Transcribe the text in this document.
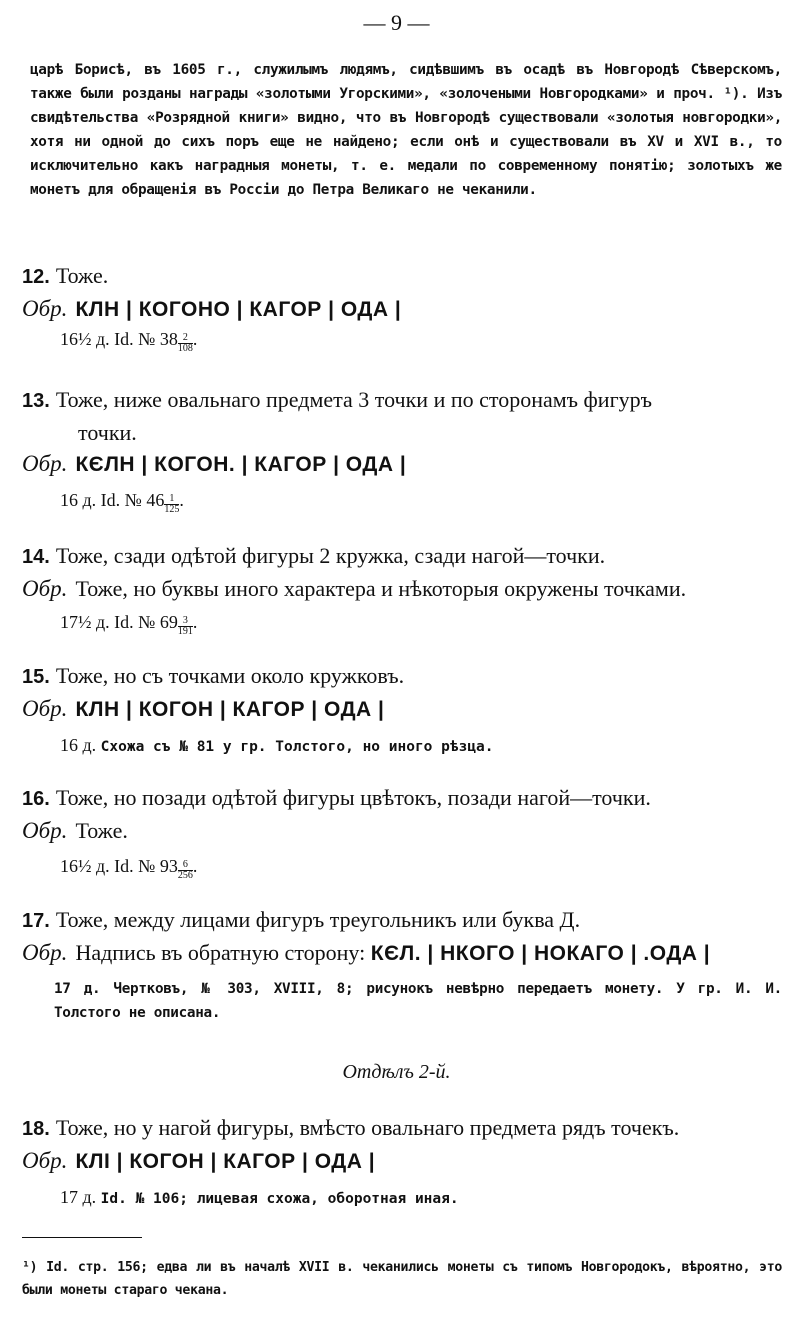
— 9 —
царѣ Борисѣ, въ 1605 г., служилымъ людямъ, сидѣвшимъ въ осадѣ въ Новгородѣ Сѣверскомъ, также были розданы награды «золотыми Угорскими», «золочеными Новгородками» и проч. ¹). Изъ свидѣтельства «Розрядной книги» видно, что въ Новгородѣ существовали «золотыя новгородки», хотя ни одной до сихъ поръ еще не найдено; если онѣ и существовали въ XV и XVI в., то исключительно какъ наградныя монеты, т. е. медали по современному понятію; золотыхъ же монетъ для обращенія въ Россіи до Петра Великаго не чеканили.
12. Тоже.
Обр. КЛН | КОГОНО | КАГОР | ОДА |
16½ д. Id. № $38 \frac{2}{108}$ .
13. Тоже, ниже овальнаго предмета 3 точки и по сторонамъ фигуръ
точки.
Обр. КЄЛН | КОГОН. | КАГОР | ОДА |
16 д. Id. № $46 \frac{1}{125}$ .
14. Тоже, сзади одѣтой фигуры 2 кружка, сзади нагой—точки.
Обр. Тоже, но буквы иного характера и нѣкоторыя окружены точками.
17½ д. Id. № $69 \frac{3}{191}$ .
15. Тоже, но съ точками около кружковъ.
Обр. КЛН | КОГОН | КАГОР | ОДА |
16 д. Схожа съ № 81 у гр. Толстого, но иного рѣзца.
16. Тоже, но позади одѣтой фигуры цвѣтокъ, позади нагой—точки.
Обр. Тоже.
16½ д. Id. № $93 \frac{6}{256}$ .
17. Тоже, между лицами фигуръ треугольникъ или буква Д.
Обр. Надпись въ обратную сторону: КЄЛ. | НКОГО | НОКАГО | .ОДА |
17 д. Чертковъ, № 303, XVIII, 8; рисунокъ невѣрно передаетъ монету. У гр. И. И. Толстого не описана.
Отдѣлъ 2-й.
18. Тоже, но у нагой фигуры, вмѣсто овальнаго предмета рядъ точекъ.
Обр. КЛІ | КОГОН | КАГОР | ОДА |
17 д. Id. № 106; лицевая схожа, оборотная иная.
¹) Id. стр. 156; едва ли въ началѣ XVII в. чеканились монеты съ типомъ Новгородокъ, вѣроятно, это были монеты стараго чекана.
